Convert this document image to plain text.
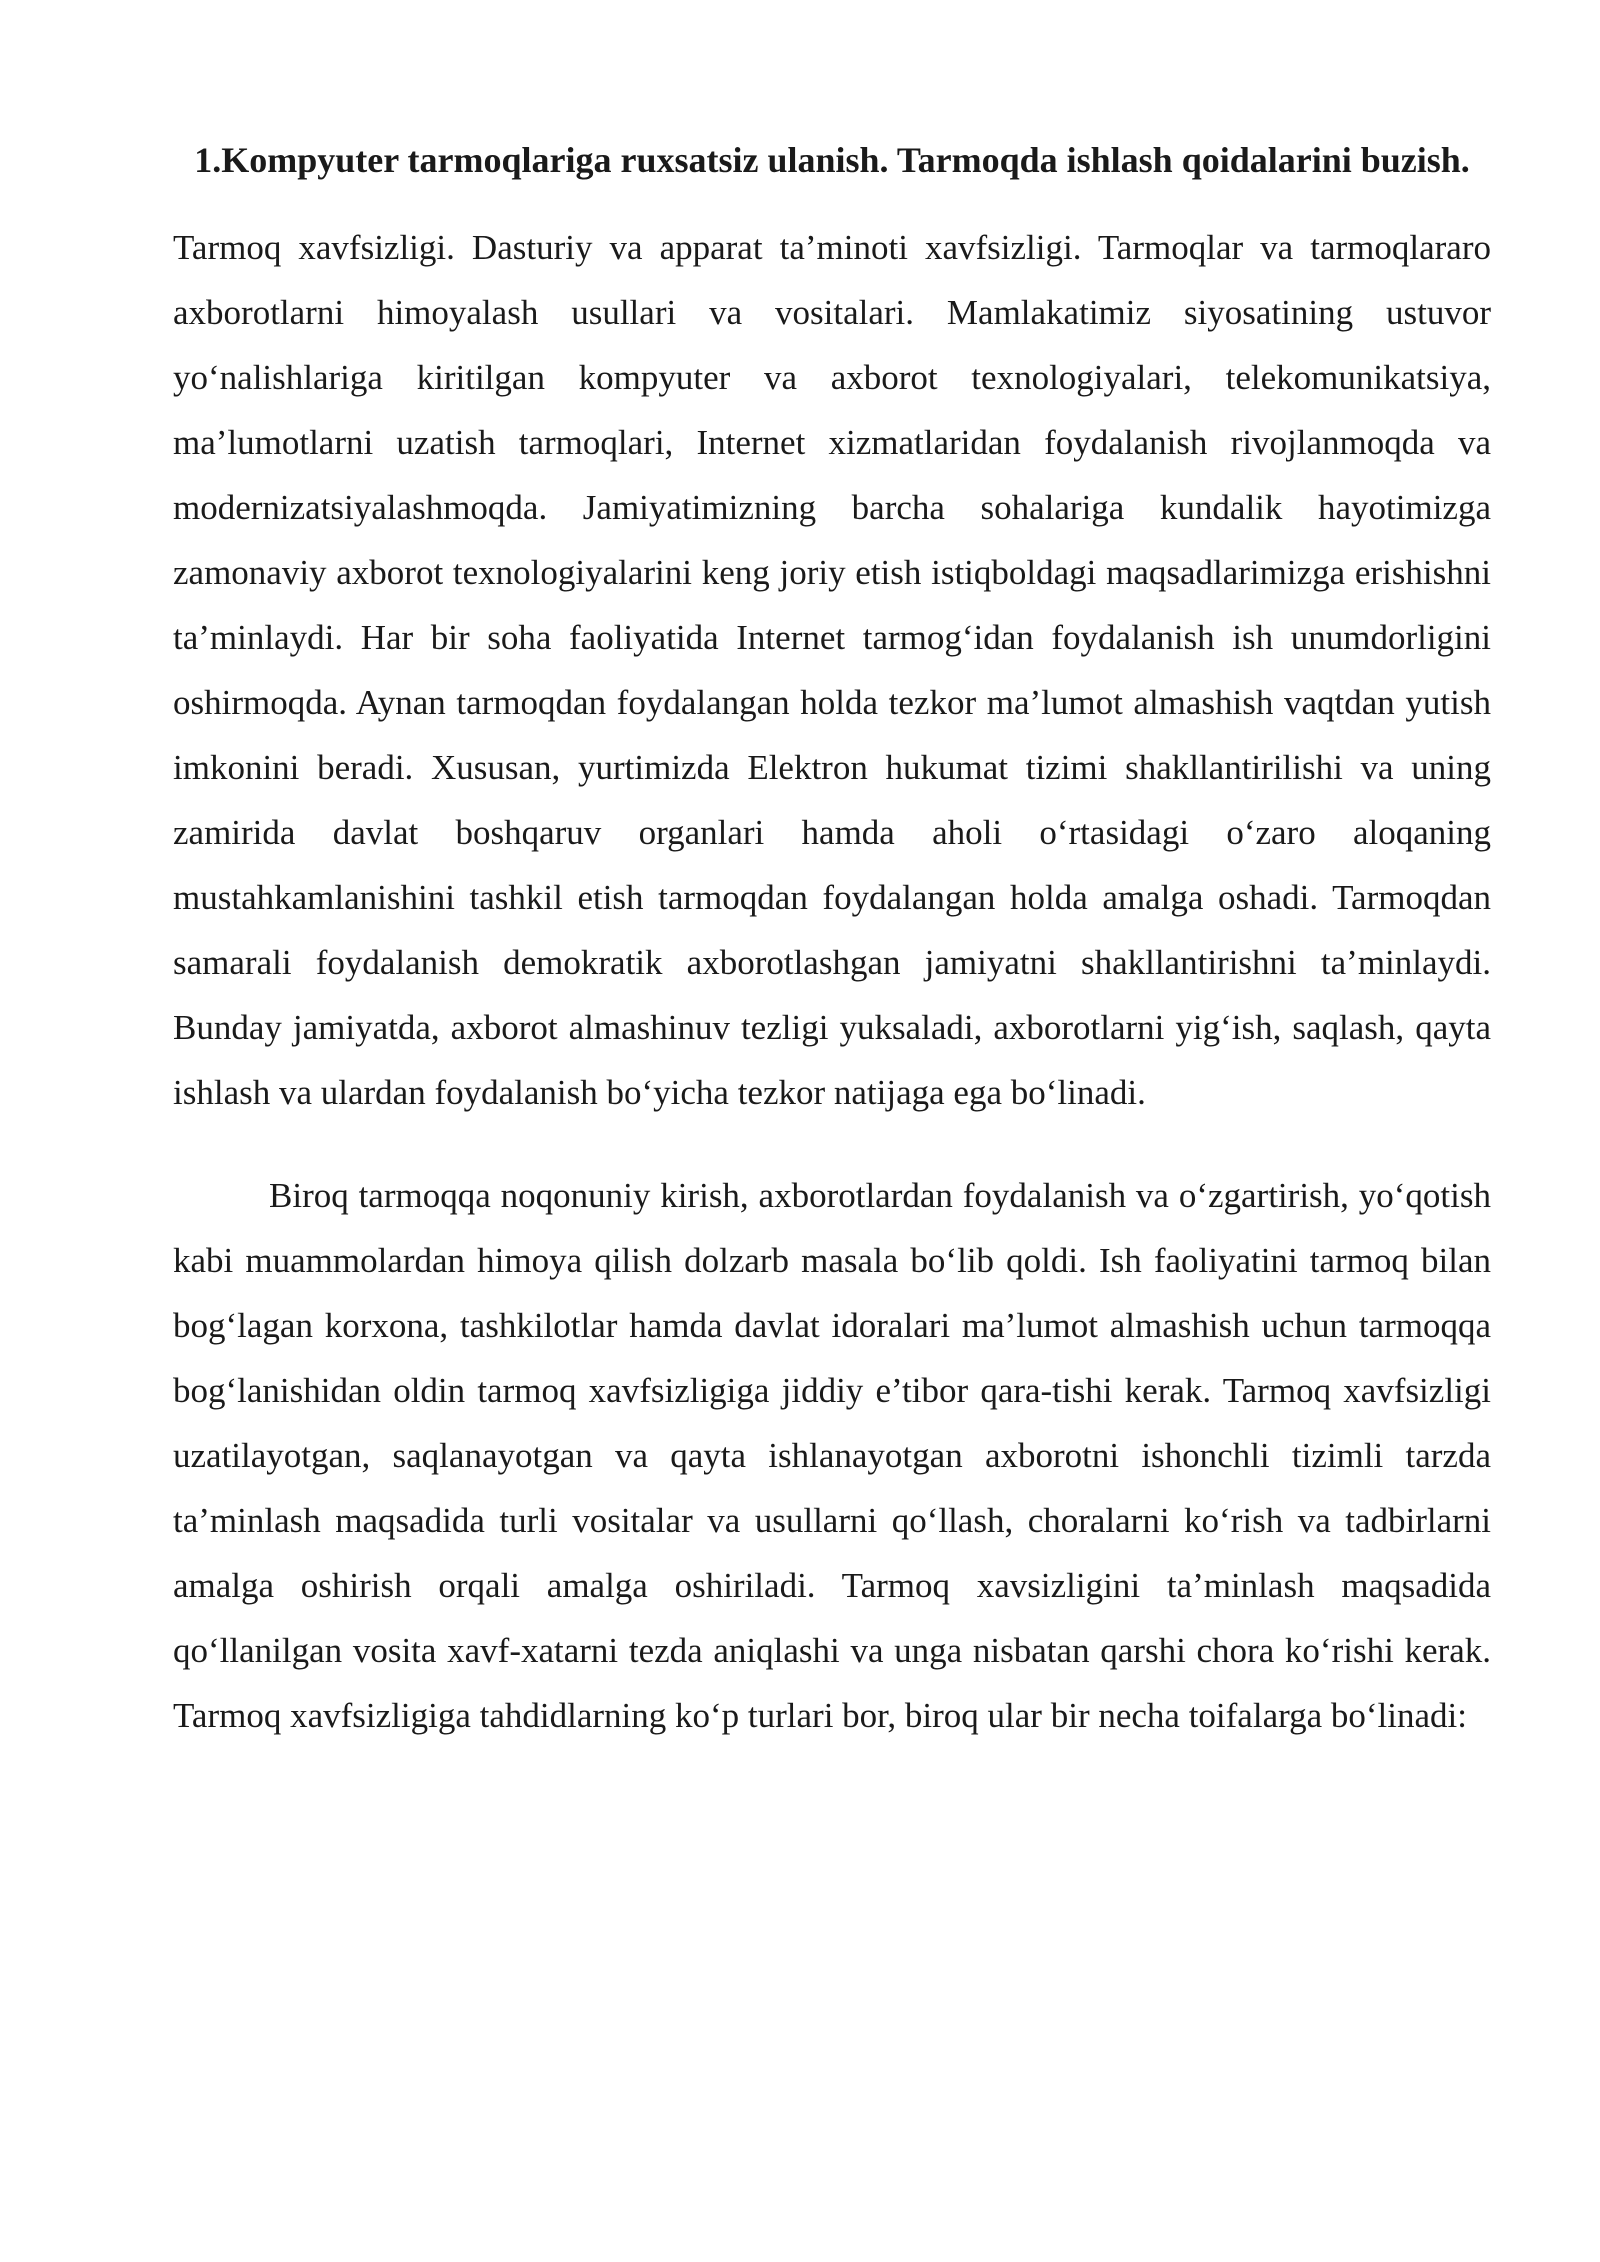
1.Kompyuter tarmoqlariga ruxsatsiz ulanish. Tarmoqda ishlash qoidalarini buzish.

Tarmoq xavfsizligi. Dasturiy va apparat ta’minoti xavfsizligi. Tarmoqlar va tarmoqlararo axborotlarni himoyalash usullari va vositalari. Mamlakatimiz siyosatining ustuvor yo‘nalishlariga kiritilgan kompyuter va axborot texnologiyalari, telekomunikatsiya, ma’lumotlarni uzatish tarmoqlari, Internet xizmatlaridan foydalanish rivojlanmoqda va modernizatsiyalashmoqda. Jamiyatimizning barcha sohalariga kundalik hayotimizga zamonaviy axborot texnologiyalarini keng joriy etish istiqboldagi maqsadlarimizga erishishni ta’minlaydi. Har bir soha faoliyatida Internet tarmog‘idan foydalanish ish unumdorligini oshirmoqda. Aynan tarmoqdan foydalangan holda tezkor ma’lumot almashish vaqtdan yutish imkonini beradi. Xususan, yurtimizda Elektron hukumat tizimi shakllantirilishi va uning zamirida davlat boshqaruv organlari hamda aholi o‘rtasidagi o‘zaro aloqaning mustahkamlanishini tashkil etish tarmoqdan foydalangan holda amalga oshadi. Tarmoqdan samarali foydalanish demokratik axborotlashgan jamiyatni shakllantirishni ta’minlaydi. Bunday jamiyatda, axborot almashinuv tezligi yuksaladi, axborotlarni yig‘ish, saqlash, qayta ishlash va ulardan foydalanish bo‘yicha tezkor natijaga ega bo‘linadi.

Biroq tarmoqqa noqonuniy kirish, axborotlardan foydalanish va o‘zgartirish, yo‘qotish kabi muammolardan himoya qilish dolzarb masala bo‘lib qoldi. Ish faoliyatini tarmoq bilan bog‘lagan korxona, tashkilotlar hamda davlat idoralari ma’lumot almashish uchun tarmoqqa bog‘lanishidan oldin tarmoq xavfsizligiga jiddiy e’tibor qara-tishi kerak. Tarmoq xavfsizligi uzatilayotgan, saqlanayotgan va qayta ishlanayotgan axborotni ishonchli tizimli tarzda ta’minlash maqsadida turli vositalar va usullarni qo‘llash, choralarni ko‘rish va tadbirlarni amalga oshirish orqali amalga oshiriladi. Tarmoq xavsizligini ta’minlash maqsadida qo‘llanilgan vosita xavf-xatarni tezda aniqlashi va unga nisbatan qarshi chora ko‘rishi kerak. Tarmoq xavfsizligiga tahdidlarning ko‘p turlari bor, biroq ular bir necha toifalarga bo‘linadi:
